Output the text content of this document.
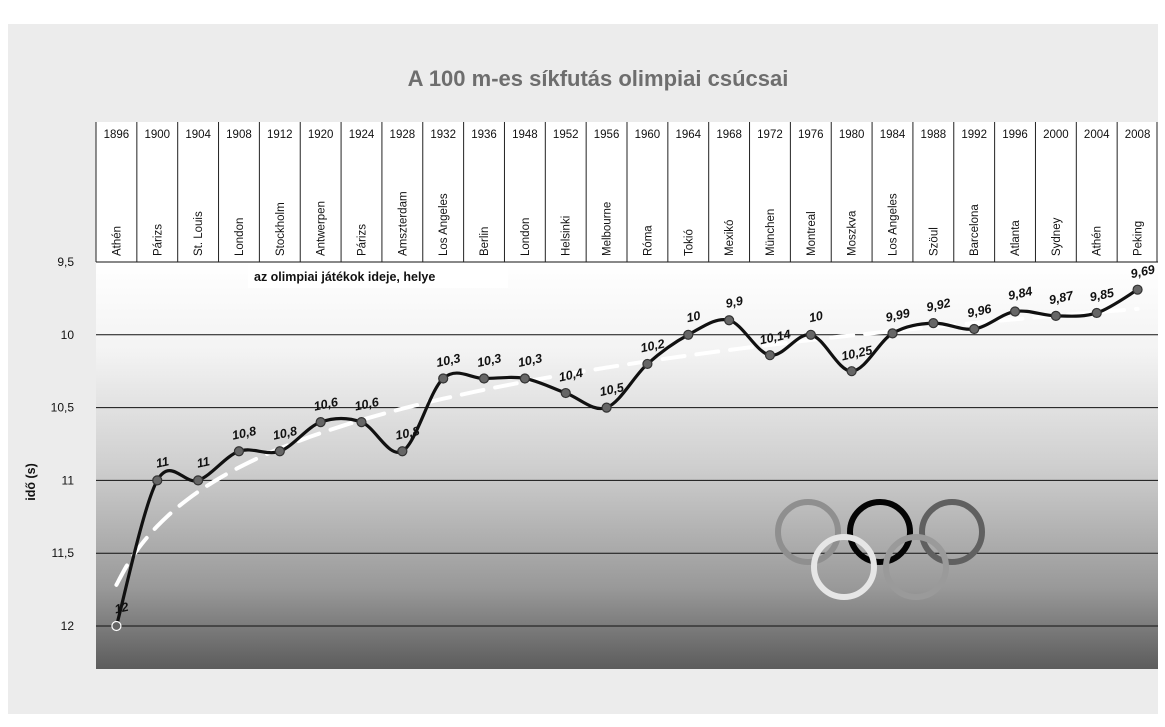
1896
Athén
1900
Párizs
1904
St. Louis
1908
London
1912
Stockholm
1920
Antwerpen
1924
Párizs
1928
Amszterdam
1932
Los Angeles
1936
Berlin
1948
London
1952
Helsinki
1956
Melbourne
1960
Róma
1964
Tokió
1968
Mexikó
1972
München
1976
Montreal
1980
Moszkva
1984
Los Angeles
1988
Szöul
1992
Barcelona
1996
Atlanta
2000
Sydney
2004
Athén
2008
Peking
az olimpiai játékok ideje, helye
12
11 11
10,8 10,8
10,6 10,6
10,8
10,3 10,3 10,3
10,4
10,5
10,2
10
9,9
10,14
10
10,25
9,99
9,92 9,96
9,84 9,87 9,85
9,69
9,5
10
10,5
11
11,5
12
idő (s)
A 100 m-es síkfutás olimpiai csúcsai
